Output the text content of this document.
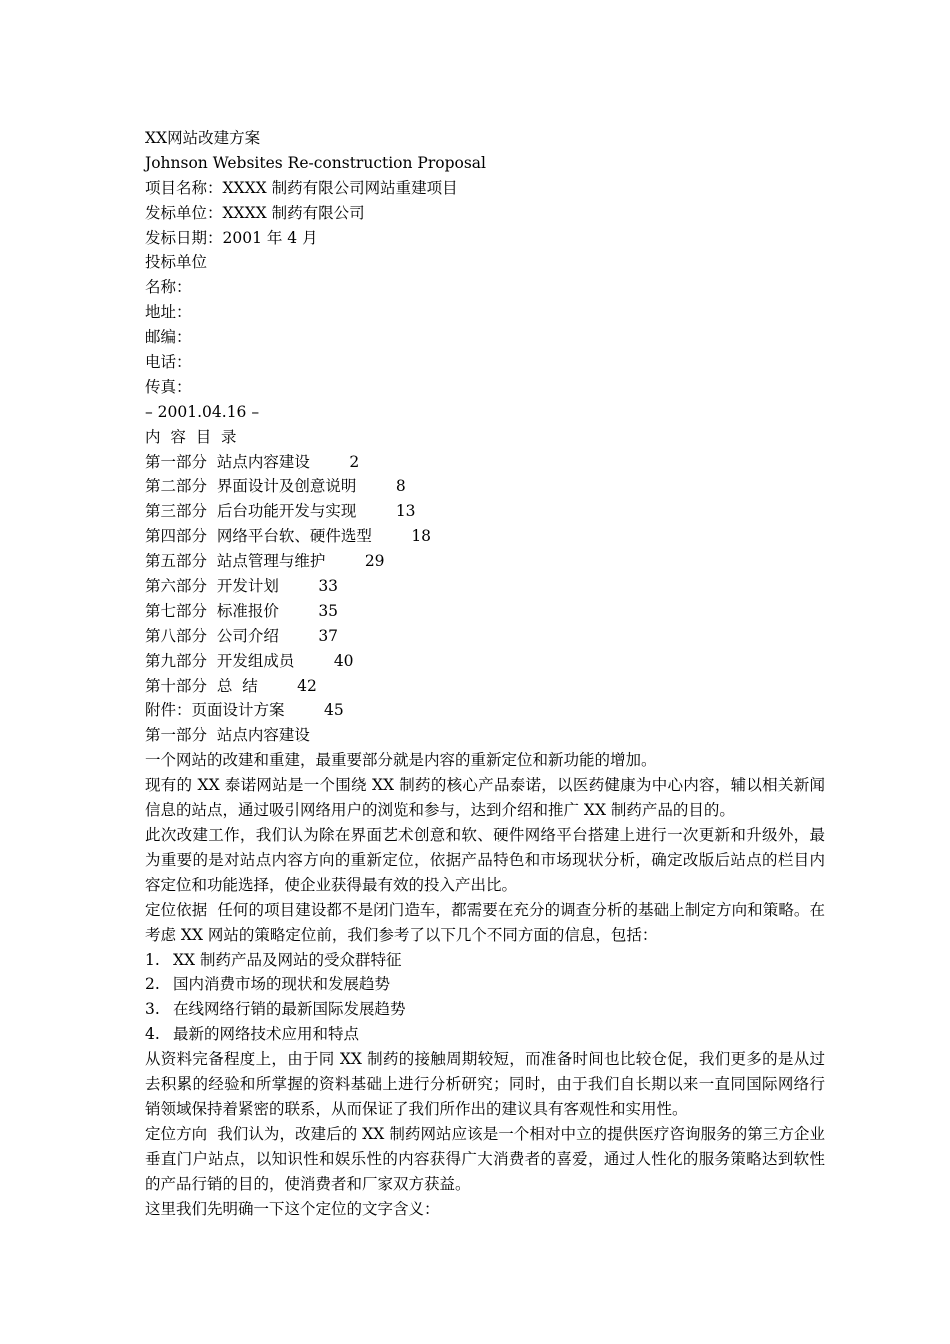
XX网站改建方案
Johnson Websites Re-construction Proposal
项目名称：XXXX 制药有限公司网站重建项目
发标单位：XXXX 制药有限公司
发标日期：2001 年 4 月
投标单位
名称：
地址：
邮编：
电话：
传真：
– 2001.04.16 –
内  容  目  录
第一部分 站点内容建设	2
第二部分 界面设计及创意说明	8
第三部分 后台功能开发与实现	13
第四部分 网络平台软、硬件选型	18
第五部分 站点管理与维护	29
第六部分 开发计划	33
第七部分 标准报价	35
第八部分 公司介绍	37
第九部分 开发组成员	40
第十部分 总  结	42
附件：页面设计方案	45
第一部分  站点内容建设

一个网站的改建和重建，最重要部分就是内容的重新定位和新功能的增加。

现有的 XX 泰诺网站是一个围绕 XX 制药的核心产品泰诺，以医药健康为中心内容，辅以相关新闻信息的站点，通过吸引网络用户的浏览和参与，达到介绍和推广 XX 制药产品的目的。

此次改建工作，我们认为除在界面艺术创意和软、硬件网络平台搭建上进行一次更新和升级外，最为重要的是对站点内容方向的重新定位，依据产品特色和市场现状分析，确定改版后站点的栏目内容定位和功能选择，使企业获得最有效的投入产出比。

定位依据  任何的项目建设都不是闭门造车，都需要在充分的调查分析的基础上制定方向和策略。在考虑 XX 网站的策略定位前，我们参考了以下几个不同方面的信息，包括：

1. XX 制药产品及网站的受众群特征
2. 国内消费市场的现状和发展趋势
3. 在线网络行销的最新国际发展趋势
4. 最新的网络技术应用和特点

从资料完备程度上，由于同 XX 制药的接触周期较短，而准备时间也比较仓促，我们更多的是从过去积累的经验和所掌握的资料基础上进行分析研究；同时，由于我们自长期以来一直同国际网络行销领域保持着紧密的联系，从而保证了我们所作出的建议具有客观性和实用性。

定位方向  我们认为，改建后的 XX 制药网站应该是一个相对中立的提供医疗咨询服务的第三方企业垂直门户站点，以知识性和娱乐性的内容获得广大消费者的喜爱，通过人性化的服务策略达到软性的产品行销的目的，使消费者和厂家双方获益。

这里我们先明确一下这个定位的文字含义：
